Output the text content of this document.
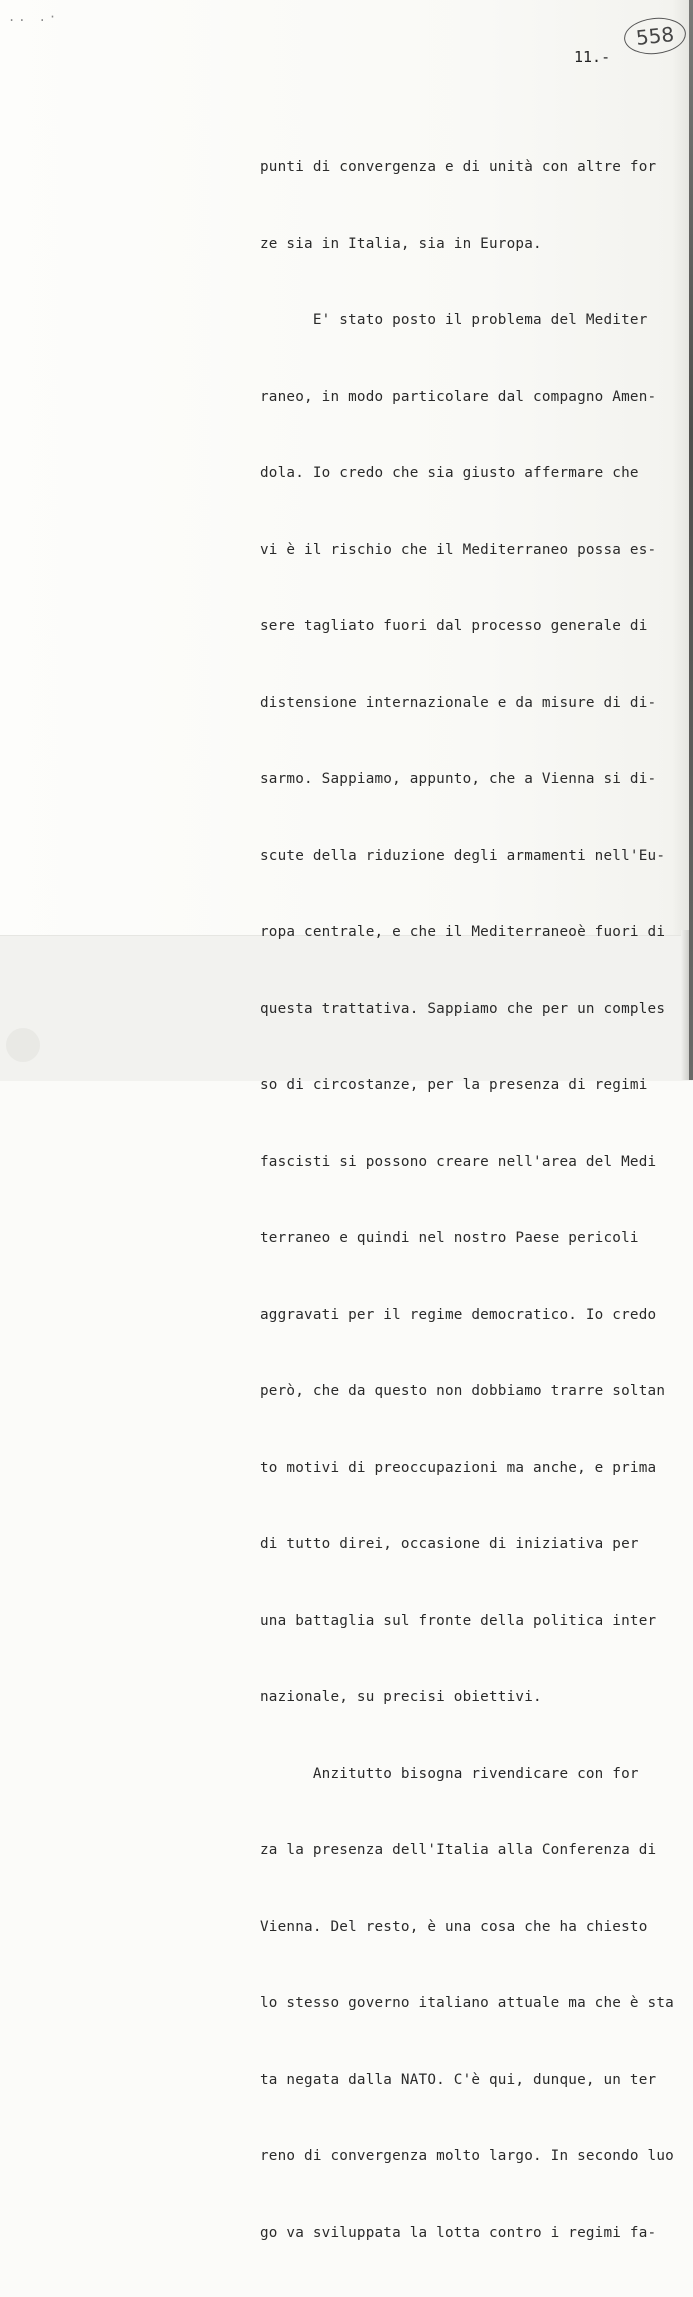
.. .·
558
11.-

punti di convergenza e di unità con altre for

ze sia in Italia, sia in Europa.

E' stato posto il problema del Mediter

raneo, in modo particolare dal compagno Amen-

dola. Io credo che sia giusto affermare che

vi è il rischio che il Mediterraneo possa es-

sere tagliato fuori dal processo generale di

distensione internazionale e da misure di di-

sarmo. Sappiamo, appunto, che a Vienna si di-

scute della riduzione degli armamenti nell'Eu-

ropa centrale, e che il Mediterraneoè fuori di

questa trattativa. Sappiamo che per un comples

so di circostanze, per la presenza di regimi

fascisti si possono creare nell'area del Medi

terraneo e quindi nel nostro Paese pericoli

aggravati per il regime democratico. Io credo

però, che da questo non dobbiamo trarre soltan

to motivi di preoccupazioni ma anche, e prima

di tutto direi, occasione di iniziativa per

una battaglia sul fronte della politica inter

nazionale, su precisi obiettivi.

Anzitutto bisogna rivendicare con for

za la presenza dell'Italia alla Conferenza di

Vienna. Del resto, è una cosa che ha chiesto

lo stesso governo italiano attuale ma che è sta

ta negata dalla NATO. C'è qui, dunque, un ter

reno di convergenza molto largo. In secondo luo

go va sviluppata la lotta contro i regimi fa-
